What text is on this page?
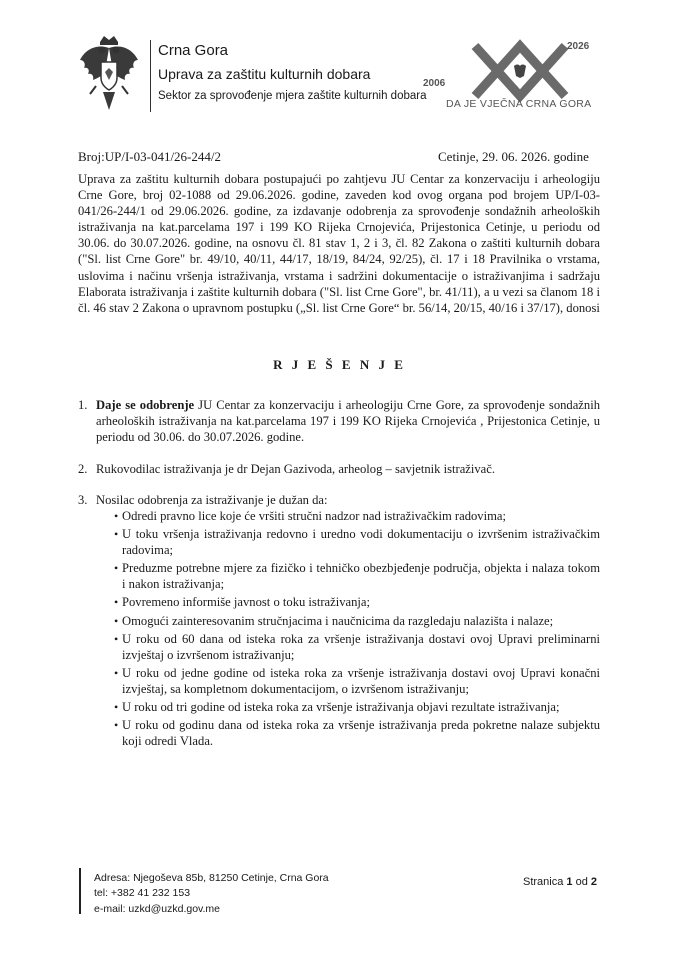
Crna Gora
Uprava za zaštitu kulturnih dobara
Sektor za sprovođenje mjera zaštite kulturnih dobara
2006
2026
DA JE VJEČNA CRNA GORA
Broj:UP/I-03-041/26-244/2	Cetinje, 29. 06. 2026. godine
Uprava za zaštitu kulturnih dobara postupajući po zahtjevu JU Centar za konzervaciju i arheologiju Crne Gore, broj 02-1088 od 29.06.2026. godine, zaveden kod ovog organa pod brojem UP/I-03-041/26-244/1 od 29.06.2026. godine, za izdavanje odobrenja za sprovođenje sondažnih arheoloških istraživanja na kat.parcelama 197 i 199 KO Rijeka Crnojevića, Prijestonica Cetinje, u periodu od 30.06. do 30.07.2026. godine, na osnovu čl. 81 stav 1, 2 i 3, čl. 82 Zakona o zaštiti kulturnih dobara ("Sl. list Crne Gore" br. 49/10, 40/11, 44/17, 18/19, 84/24, 92/25), čl. 17 i 18 Pravilnika o vrstama, uslovima i načinu vršenja istraživanja, vrstama i sadržini dokumentacije o istraživanjima i sadržaju Elaborata istraživanja i zaštite kulturnih dobara ("Sl. list Crne Gore", br. 41/11), a u vezi sa članom 18 i čl. 46 stav 2 Zakona o upravnom postupku („Sl. list Crne Gore“ br. 56/14, 20/15, 40/16 i 37/17), donosi
R J E Š E N J E
1. Daje se odobrenje JU Centar za konzervaciju i arheologiju Crne Gore, za sprovođenje sondažnih arheoloških istraživanja na kat.parcelama 197 i 199 KO Rijeka Crnojevića , Prijestonica Cetinje, u periodu od 30.06. do 30.07.2026. godine.
2. Rukovodilac istraživanja je dr Dejan Gazivoda, arheolog – savjetnik istraživač.
3. Nosilac odobrenja za istraživanje je dužan da:
• Odredi pravno lice koje će vršiti stručni nadzor nad istraživačkim radovima;
• U toku vršenja istraživanja redovno i uredno vodi dokumentaciju o izvršenim istraživačkim radovima;
• Preduzme potrebne mjere za fizičko i tehničko obezbjeđenje područja, objekta i nalaza tokom i nakon istraživanja;
• Povremeno informiše javnost o toku istraživanja;
• Omogući zainteresovanim stručnjacima i naučnicima da razgledaju nalazišta i nalaze;
• U roku od 60 dana od isteka roka za vršenje istraživanja dostavi ovoj Upravi preliminarni izvještaj o izvršenom istraživanju;
• U roku od jedne godine od isteka roka za vršenje istraživanja dostavi ovoj Upravi konačni izvještaj, sa kompletnom dokumentacijom, o izvršenom istraživanju;
• U roku od tri godine od isteka roka za vršenje istraživanja objavi rezultate istraživanja;
• U roku od godinu dana od isteka roka za vršenje istraživanja preda pokretne nalaze subjektu koji odredi Vlada.
Adresa: Njegoševa 85b, 81250 Cetinje, Crna Gora
tel: +382 41 232 153
e-mail: uzkd@uzkd.gov.me
Stranica 1 od 2
